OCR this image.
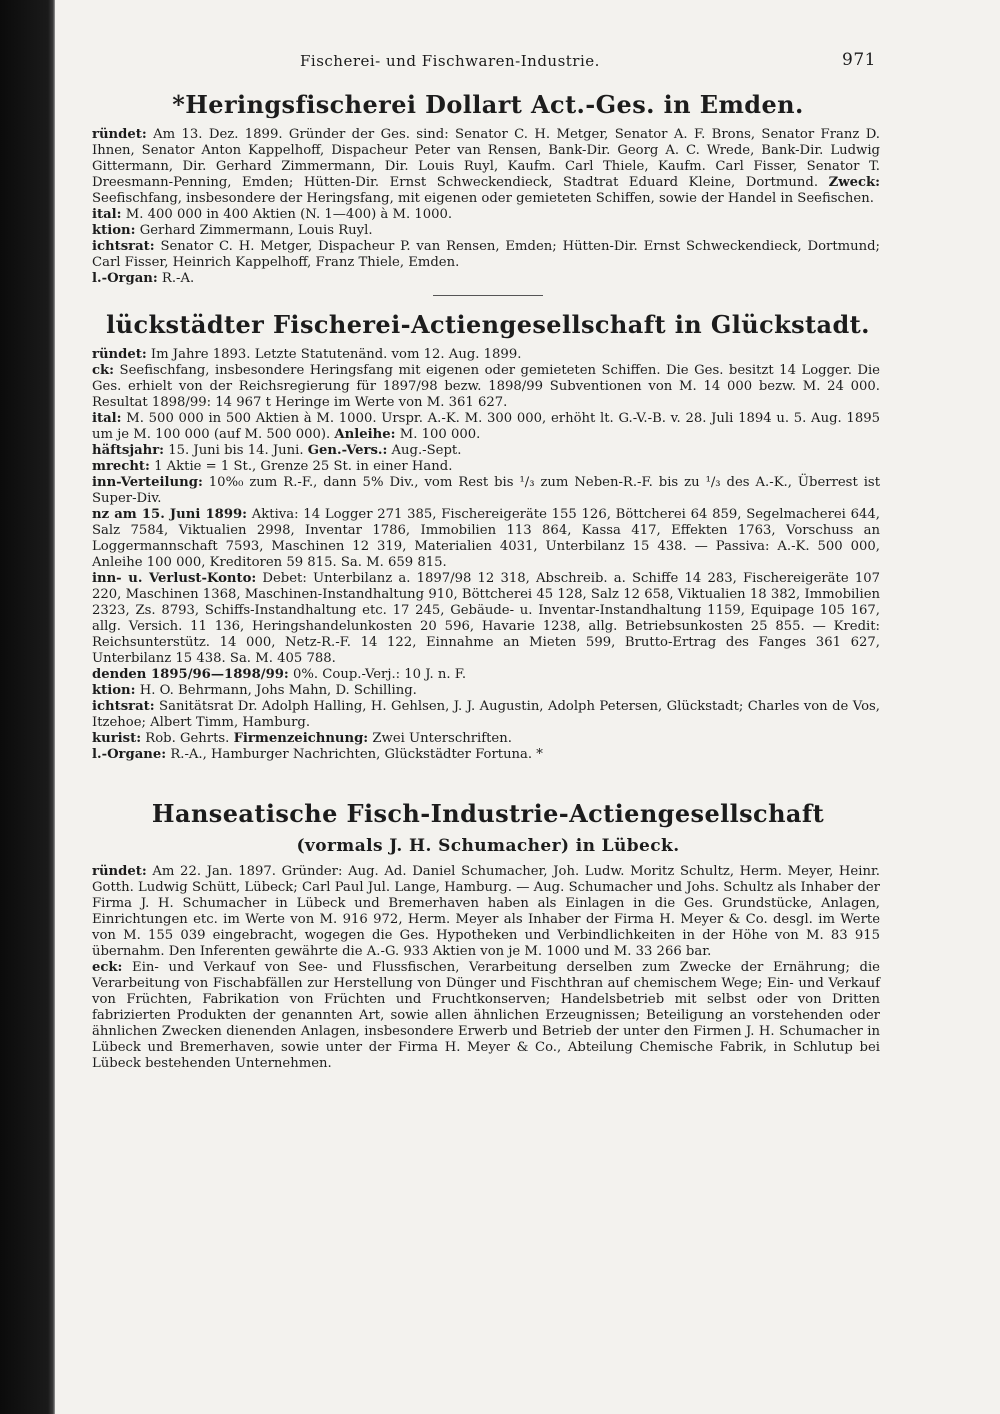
Fischerei- und Fischwaren-Industrie.	971
*Heringsfischerei Dollart Act.-Ges. in Emden.

ründet: Am 13. Dez. 1899. Gründer der Ges. sind: Senator C. H. Metger, Senator A. F. Brons, Senator Franz D. Ihnen, Senator Anton Kappelhoff, Dispacheur Peter van Rensen, Bank-Dir. Georg A. C. Wrede, Bank-Dir. Ludwig Gittermann, Dir. Gerhard Zimmermann, Dir. Louis Ruyl, Kaufm. Carl Thiele, Kaufm. Carl Fisser, Senator T. Dreesmann-Penning, Emden; Hütten-Dir. Ernst Schweckendieck, Stadtrat Eduard Kleine, Dortmund. Zweck: Seefischfang, insbesondere der Heringsfang, mit eigenen oder gemieteten Schiffen, sowie der Handel in Seefischen.
ital: M. 400 000 in 400 Aktien (N. 1—400) à M. 1000.
ktion: Gerhard Zimmermann, Louis Ruyl.
ichtsrat: Senator C. H. Metger, Dispacheur P. van Rensen, Emden; Hütten-Dir. Ernst Schweckendieck, Dortmund; Carl Fisser, Heinrich Kappelhoff, Franz Thiele, Emden.
l.-Organ: R.-A.

lückstädter Fischerei-Actiengesellschaft in Glückstadt.

ründet: Im Jahre 1893. Letzte Statutenänd. vom 12. Aug. 1899.
ck: Seefischfang, insbesondere Heringsfang mit eigenen oder gemieteten Schiffen. Die Ges. besitzt 14 Logger. Die Ges. erhielt von der Reichsregierung für 1897/98 bezw. 1898/99 Subventionen von M. 14 000 bezw. M. 24 000. Resultat 1898/99: 14 967 t Heringe im Werte von M. 361 627.
ital: M. 500 000 in 500 Aktien à M. 1000. Urspr. A.-K. M. 300 000, erhöht lt. G.-V.-B. v. 28. Juli 1894 u. 5. Aug. 1895 um je M. 100 000 (auf M. 500 000). Anleihe: M. 100 000.
häftsjahr: 15. Juni bis 14. Juni. Gen.-Vers.: Aug.-Sept.
mrecht: 1 Aktie = 1 St., Grenze 25 St. in einer Hand.
inn-Verteilung: 10%₀ zum R.-F., dann 5% Div., vom Rest bis ¹/₃ zum Neben-R.-F. bis zu ¹/₃ des A.-K., Überrest ist Super-Div.
nz am 15. Juni 1899: Aktiva: 14 Logger 271 385, Fischereigeräte 155 126, Böttcherei 64 859, Segelmacherei 644, Salz 7584, Viktualien 2998, Inventar 1786, Immobilien 113 864, Kassa 417, Effekten 1763, Vorschuss an Loggermannschaft 7593, Maschinen 12 319, Materialien 4031, Unterbilanz 15 438. — Passiva: A.-K. 500 000, Anleihe 100 000, Kreditoren 59 815. Sa. M. 659 815.
inn- u. Verlust-Konto: Debet: Unterbilanz a. 1897/98 12 318, Abschreib. a. Schiffe 14 283, Fischereigeräte 107 220, Maschinen 1368, Maschinen-Instandhaltung 910, Böttcherei 45 128, Salz 12 658, Viktualien 18 382, Immobilien 2323, Zs. 8793, Schiffs-Instandhaltung etc. 17 245, Gebäude- u. Inventar-Instandhaltung 1159, Equipage 105 167, allg. Versich. 11 136, Heringshandelunkosten 20 596, Havarie 1238, allg. Betriebsunkosten 25 855. — Kredit: Reichsunterstütz. 14 000, Netz-R.-F. 14 122, Einnahme an Mieten 599, Brutto-Ertrag des Fanges 361 627, Unterbilanz 15 438. Sa. M. 405 788.
denden 1895/96—1898/99: 0%. Coup.-Verj.: 10 J. n. F.
ktion: H. O. Behrmann, Johs Mahn, D. Schilling.
ichtsrat: Sanitätsrat Dr. Adolph Halling, H. Gehlsen, J. J. Augustin, Adolph Petersen, Glückstadt; Charles von de Vos, Itzehoe; Albert Timm, Hamburg.
kurist: Rob. Gehrts. Firmenzeichnung: Zwei Unterschriften.
l.-Organe: R.-A., Hamburger Nachrichten, Glückstädter Fortuna. *

Hanseatische Fisch-Industrie-Actiengesellschaft
(vormals J. H. Schumacher) in Lübeck.

ründet: Am 22. Jan. 1897. Gründer: Aug. Ad. Daniel Schumacher, Joh. Ludw. Moritz Schultz, Herm. Meyer, Heinr. Gotth. Ludwig Schütt, Lübeck; Carl Paul Jul. Lange, Hamburg. — Aug. Schumacher und Johs. Schultz als Inhaber der Firma J. H. Schumacher in Lübeck und Bremerhaven haben als Einlagen in die Ges. Grundstücke, Anlagen, Einrichtungen etc. im Werte von M. 916 972, Herm. Meyer als Inhaber der Firma H. Meyer & Co. desgl. im Werte von M. 155 039 eingebracht, wogegen die Ges. Hypotheken und Verbindlichkeiten in der Höhe von M. 83 915 übernahm. Den Inferenten gewährte die A.-G. 933 Aktien von je M. 1000 und M. 33 266 bar.
eck: Ein- und Verkauf von See- und Flussfischen, Verarbeitung derselben zum Zwecke der Ernährung; die Verarbeitung von Fischabfällen zur Herstellung von Dünger und Fischthran auf chemischem Wege; Ein- und Verkauf von Früchten, Fabrikation von Früchten und Fruchtkonserven; Handelsbetrieb mit selbst oder von Dritten fabrizierten Produkten der genannten Art, sowie allen ähnlichen Erzeugnissen; Beteiligung an vorstehenden oder ähnlichen Zwecken dienenden Anlagen, insbesondere Erwerb und Betrieb der unter den Firmen J. H. Schumacher in Lübeck und Bremerhaven, sowie unter der Firma H. Meyer & Co., Abteilung Chemische Fabrik, in Schlutup bei Lübeck bestehenden Unternehmen.
